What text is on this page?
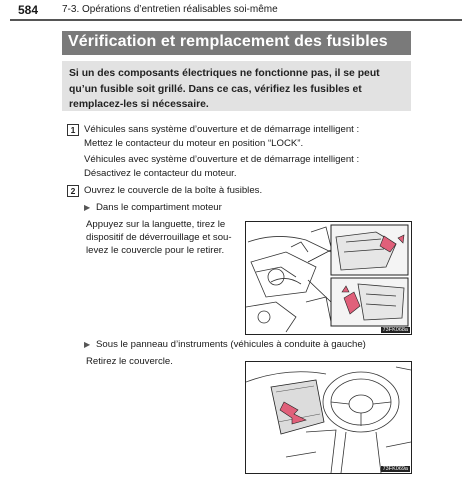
584 7-3. Opérations d’entretien réalisables soi-même
Vérification et remplacement des fusibles
Si un des composants électriques ne fonctionne pas, il se peut qu’un fusible soit grillé. Dans ce cas, vérifiez les fusibles et remplacez-les si nécessaire.
1 Véhicules sans système d’ouverture et de démarrage intelligent :
Mettez le contacteur du moteur en position “LOCK”.
Véhicules avec système d’ouverture et de démarrage intelligent :
Désactivez le contacteur du moteur.
2 Ouvrez le couvercle de la boîte à fusibles.
▶ Dans le compartiment moteur
Appuyez sur la languette, tirez le
dispositif de déverrouillage et sou-
levez le couvercle pour le retirer.
73FK068a
▶ Sous le panneau d’instruments (véhicules à conduite à gauche)
Retirez le couvercle.
73FK069a
